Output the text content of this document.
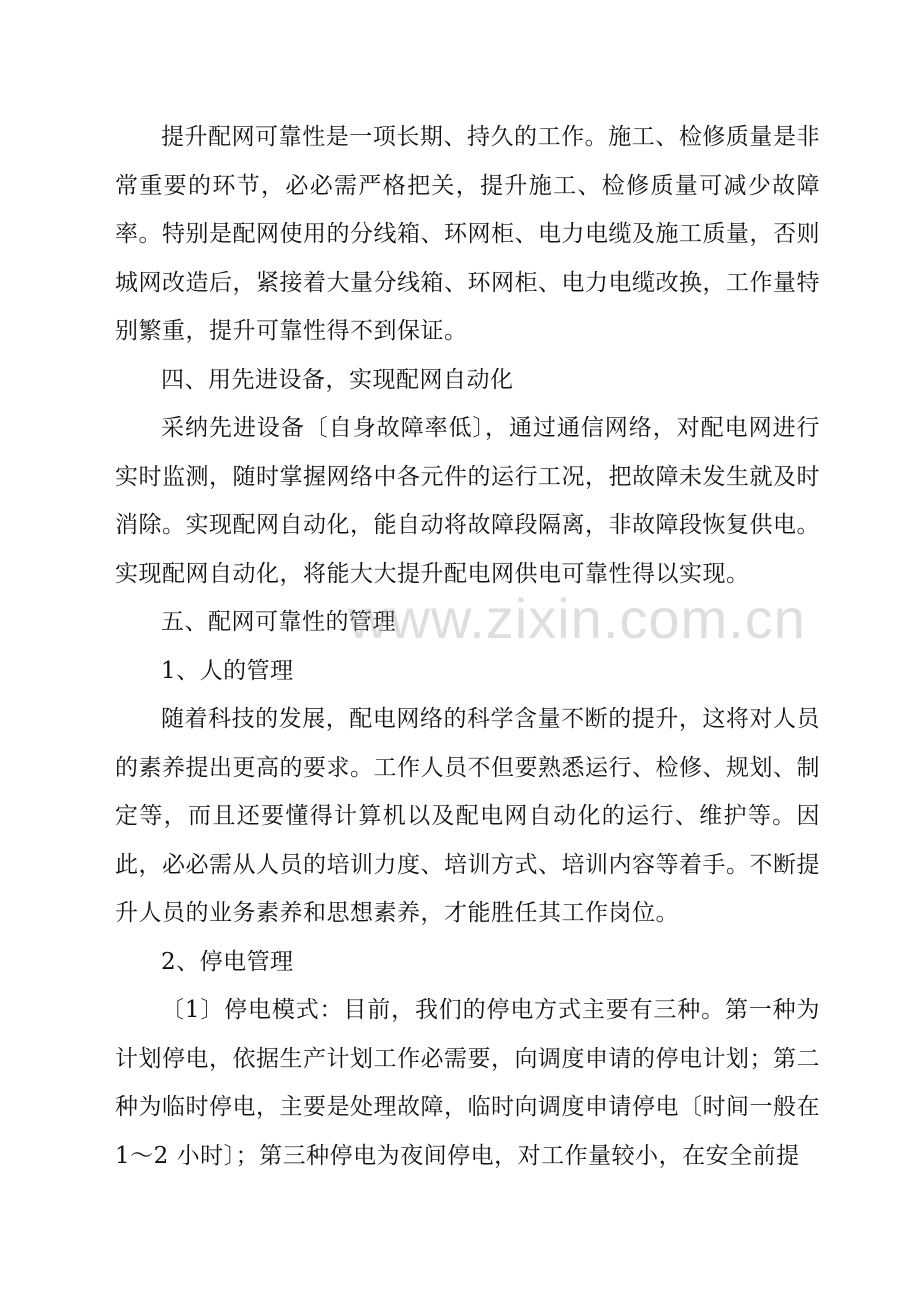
提升配网可靠性是一项长期、持久的工作。施工、检修质量是非常重要的环节，必必需严格把关，提升施工、检修质量可减少故障率。特别是配网使用的分线箱、环网柜、电力电缆及施工质量，否则城网改造后，紧接着大量分线箱、环网柜、电力电缆改换，工作量特别繁重，提升可靠性得不到保证。

四、用先进设备，实现配网自动化

采纳先进设备〔自身故障率低〕，通过通信网络，对配电网进行实时监测，随时掌握网络中各元件的运行工况，把故障未发生就及时消除。实现配网自动化，能自动将故障段隔离，非故障段恢复供电。实现配网自动化，将能大大提升配电网供电可靠性得以实现。

五、配网可靠性的管理

1、人的管理

随着科技的发展，配电网络的科学含量不断的提升，这将对人员的素养提出更高的要求。工作人员不但要熟悉运行、检修、规划、制定等，而且还要懂得计算机以及配电网自动化的运行、维护等。因此，必必需从人员的培训力度、培训方式、培训内容等着手。不断提升人员的业务素养和思想素养，才能胜任其工作岗位。

2、停电管理

〔1〕停电模式：目前，我们的停电方式主要有三种。第一种为计划停电，依据生产计划工作必需要，向调度申请的停电计划；第二种为临时停电，主要是处理故障，临时向调度申请停电〔时间一般在 1～2 小时〕；第三种停电为夜间停电，对工作量较小，在安全前提

www.zixin.com.cn
